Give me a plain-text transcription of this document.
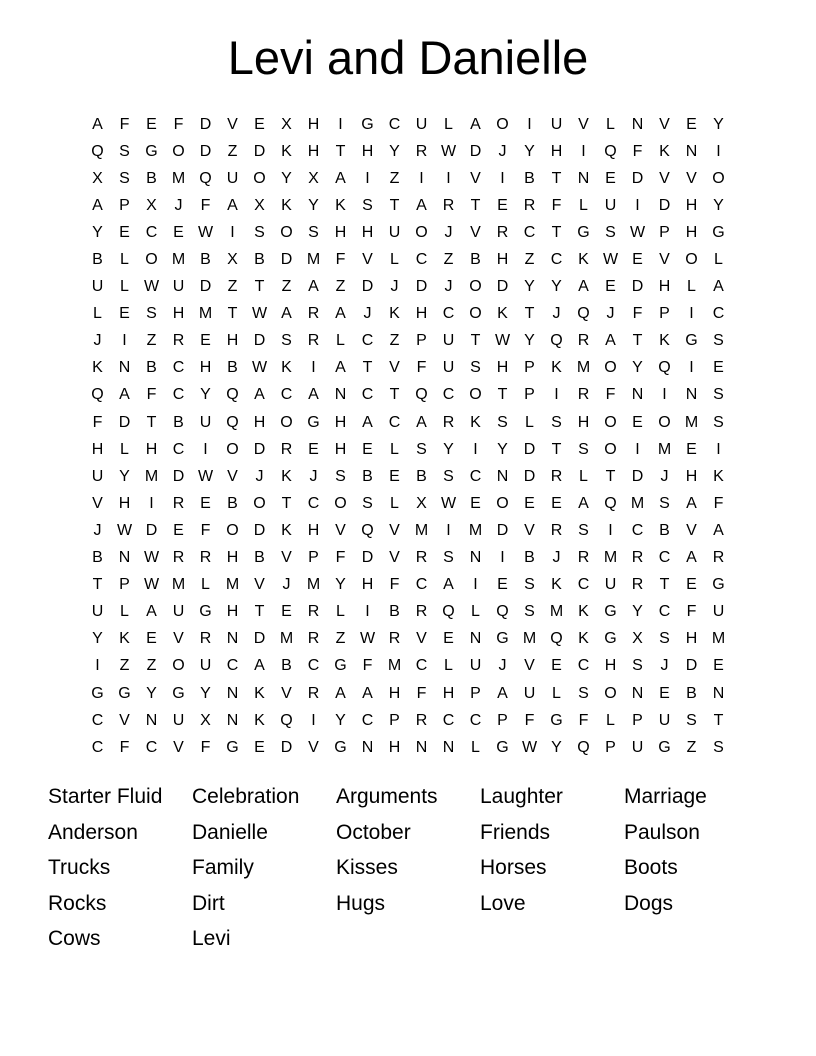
Levi and Danielle
A	F	E	F	D V	E	X H	I	G C U	L	A O	I	U V	L	N V	E	Y
Q S G O D	Z	D K H	T	H Y R W D	J	Y H	I	Q F	K N	I
X	S	B M Q U O Y	X	A	I	Z	I	I	V	I	B	T	N E D V	V O
A	P	X	J	F	A	X	K	Y	K	S	T	A R	T	E R	F	L	U	I	D H Y
Y	E C E W	I	S O S H H U O	J	V R C	T G S W P H G
B	L	O M B	X	B D M F	V	L	C	Z	B H	Z	C K W E	V O	L
U	L W U D	Z	T	Z	A	Z	D	J	D	J	O D Y	Y	A	E D H	L	A
L	E	S H M T W A R A	J	K H C O K	T	J	Q	J	F	P	I	C
J	I	Z	R E H D S R	L	C	Z	P U	T W Y Q R A	T	K G S
K N B C H B W K	I	A	T	V	F	U S H P	K M O Y Q	I	E
Q A	F	C Y Q A C A N C	T Q C O T	P	I	R	F	N	I	N S
F	D	T	B U Q H O G H A C A R K	S	L	S H O E O M S
H	L	H C	I	O D R E H E	L	S	Y	I	Y D	T	S O	I	M E	I
U Y M D W V	J	K	J	S	B	E	B	S C N D R	L	T	D	J	H K
V H	I	R E	B O T	C O S	L	X W E O E	E	A Q M S	A	F
J W D E	F O D K H V Q V M	I	M D V R S	I	C B	V	A
B N W R R H B	V	P	F	D V R S N	I	B	J	R M R C A R
T	P W M L M V	J	M Y H	F	C A	I	E	S	K C U R	T	E G
U	L	A U G H	T	E R	L	I	B R Q	L	Q S M K G Y C	F	U
Y	K	E	V R N D M R	Z W R V	E N G M Q K G X	S H M
I	Z	Z O U C A	B C G F M C	L	U	J	V	E C H S	J	D E
G G Y G Y N K	V R A	A H	F	H P	A U	L	S O N E	B N
C V N U X N K Q	I	Y C P R C C P	F G F	L	P U S	T
C	F	C V	F G E D V G N H N N	L	G W Y Q P U G Z	S
Starter Fluid
Anderson
Trucks
Rocks
Cows
Celebration
Danielle
Family
Dirt
Levi
Arguments
October
Kisses
Hugs
Laughter
Friends
Horses
Love
Marriage
Paulson
Boots
Dogs
